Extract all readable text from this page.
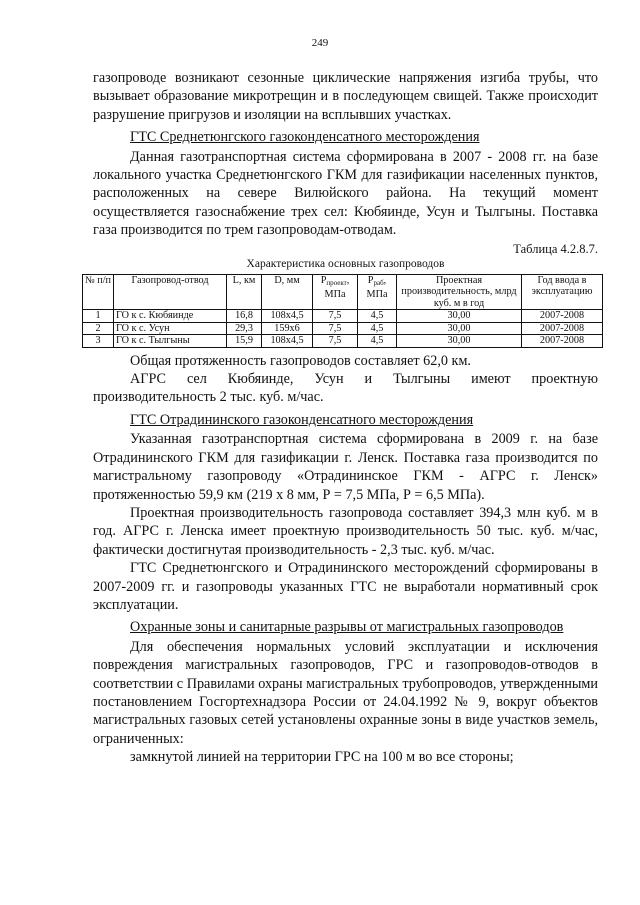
249

газопроводе возникают сезонные циклические напряжения изгиба трубы, что вызывает образование микротрещин и в последующем свищей. Также происходит разрушение пригрузов и изоляции на всплывших участках.

ГТС Среднетюнгского газоконденсатного месторождения

Данная газотранспортная система сформирована в 2007 - 2008 гг. на базе локального участка Среднетюнгского ГКМ для газификации населенных пунктов, расположенных на севере Вилюйского района. На текущий момент осуществляется газоснабжение трех сел: Кюбяинде, Усун и Тылгыны. Поставка газа производится по трем газопроводам-отводам.

Таблица 4.2.8.7.
Характеристика основных газопроводов
№ п/п	Газопровод-отвод	L, км	D, мм	$P_{проект}$, МПа	$P_{раб}$, МПа	Проектная производительность, млрд куб. м в год	Год ввода в эксплуатацию
1	ГО к с. Кюбяинде	16,8	108х4,5	7,5	4,5	30,00	2007-2008
2	ГО к с. Усун	29,3	159х6	7,5	4,5	30,00	2007-2008
3	ГО к с. Тылгыны	15,9	108х4,5	7,5	4,5	30,00	2007-2008

Общая протяженность газопроводов составляет 62,0 км.

АГРС сел Кюбяинде, Усун и Тылгыны имеют проектную производительность 2 тыс. куб. м/час.

ГТС Отрадининского газоконденсатного месторождения

Указанная газотранспортная система сформирована в 2009 г. на базе Отрадининского ГКМ для газификации г. Ленск. Поставка газа производится по магистральному газопроводу «Отрадининское ГКМ - АГРС г. Ленск» протяженностью 59,9 км (219 х 8 мм, Р = 7,5 МПа, Р = 6,5 МПа).

Проектная производительность газопровода составляет 394,3 млн куб. м в год. АГРС г. Ленска имеет проектную производительность 50 тыс. куб. м/час, фактически достигнутая производительность - 2,3 тыс. куб. м/час.

ГТС Среднетюнгского и Отрадининского месторождений сформированы в 2007-2009 гг. и газопроводы указанных ГТС не выработали нормативный срок эксплуатации.

Охранные зоны и санитарные разрывы от магистральных газопроводов

Для обеспечения нормальных условий эксплуатации и исключения повреждения магистральных газопроводов, ГРС и газопроводов-отводов в соответствии с Правилами охраны магистральных трубопроводов, утвержденными постановлением Госгортехнадзора России от 24.04.1992 № 9, вокруг объектов магистральных газовых сетей установлены охранные зоны в виде участков земель, ограниченных:

замкнутой линией на территории ГРС на 100 м во все стороны;
